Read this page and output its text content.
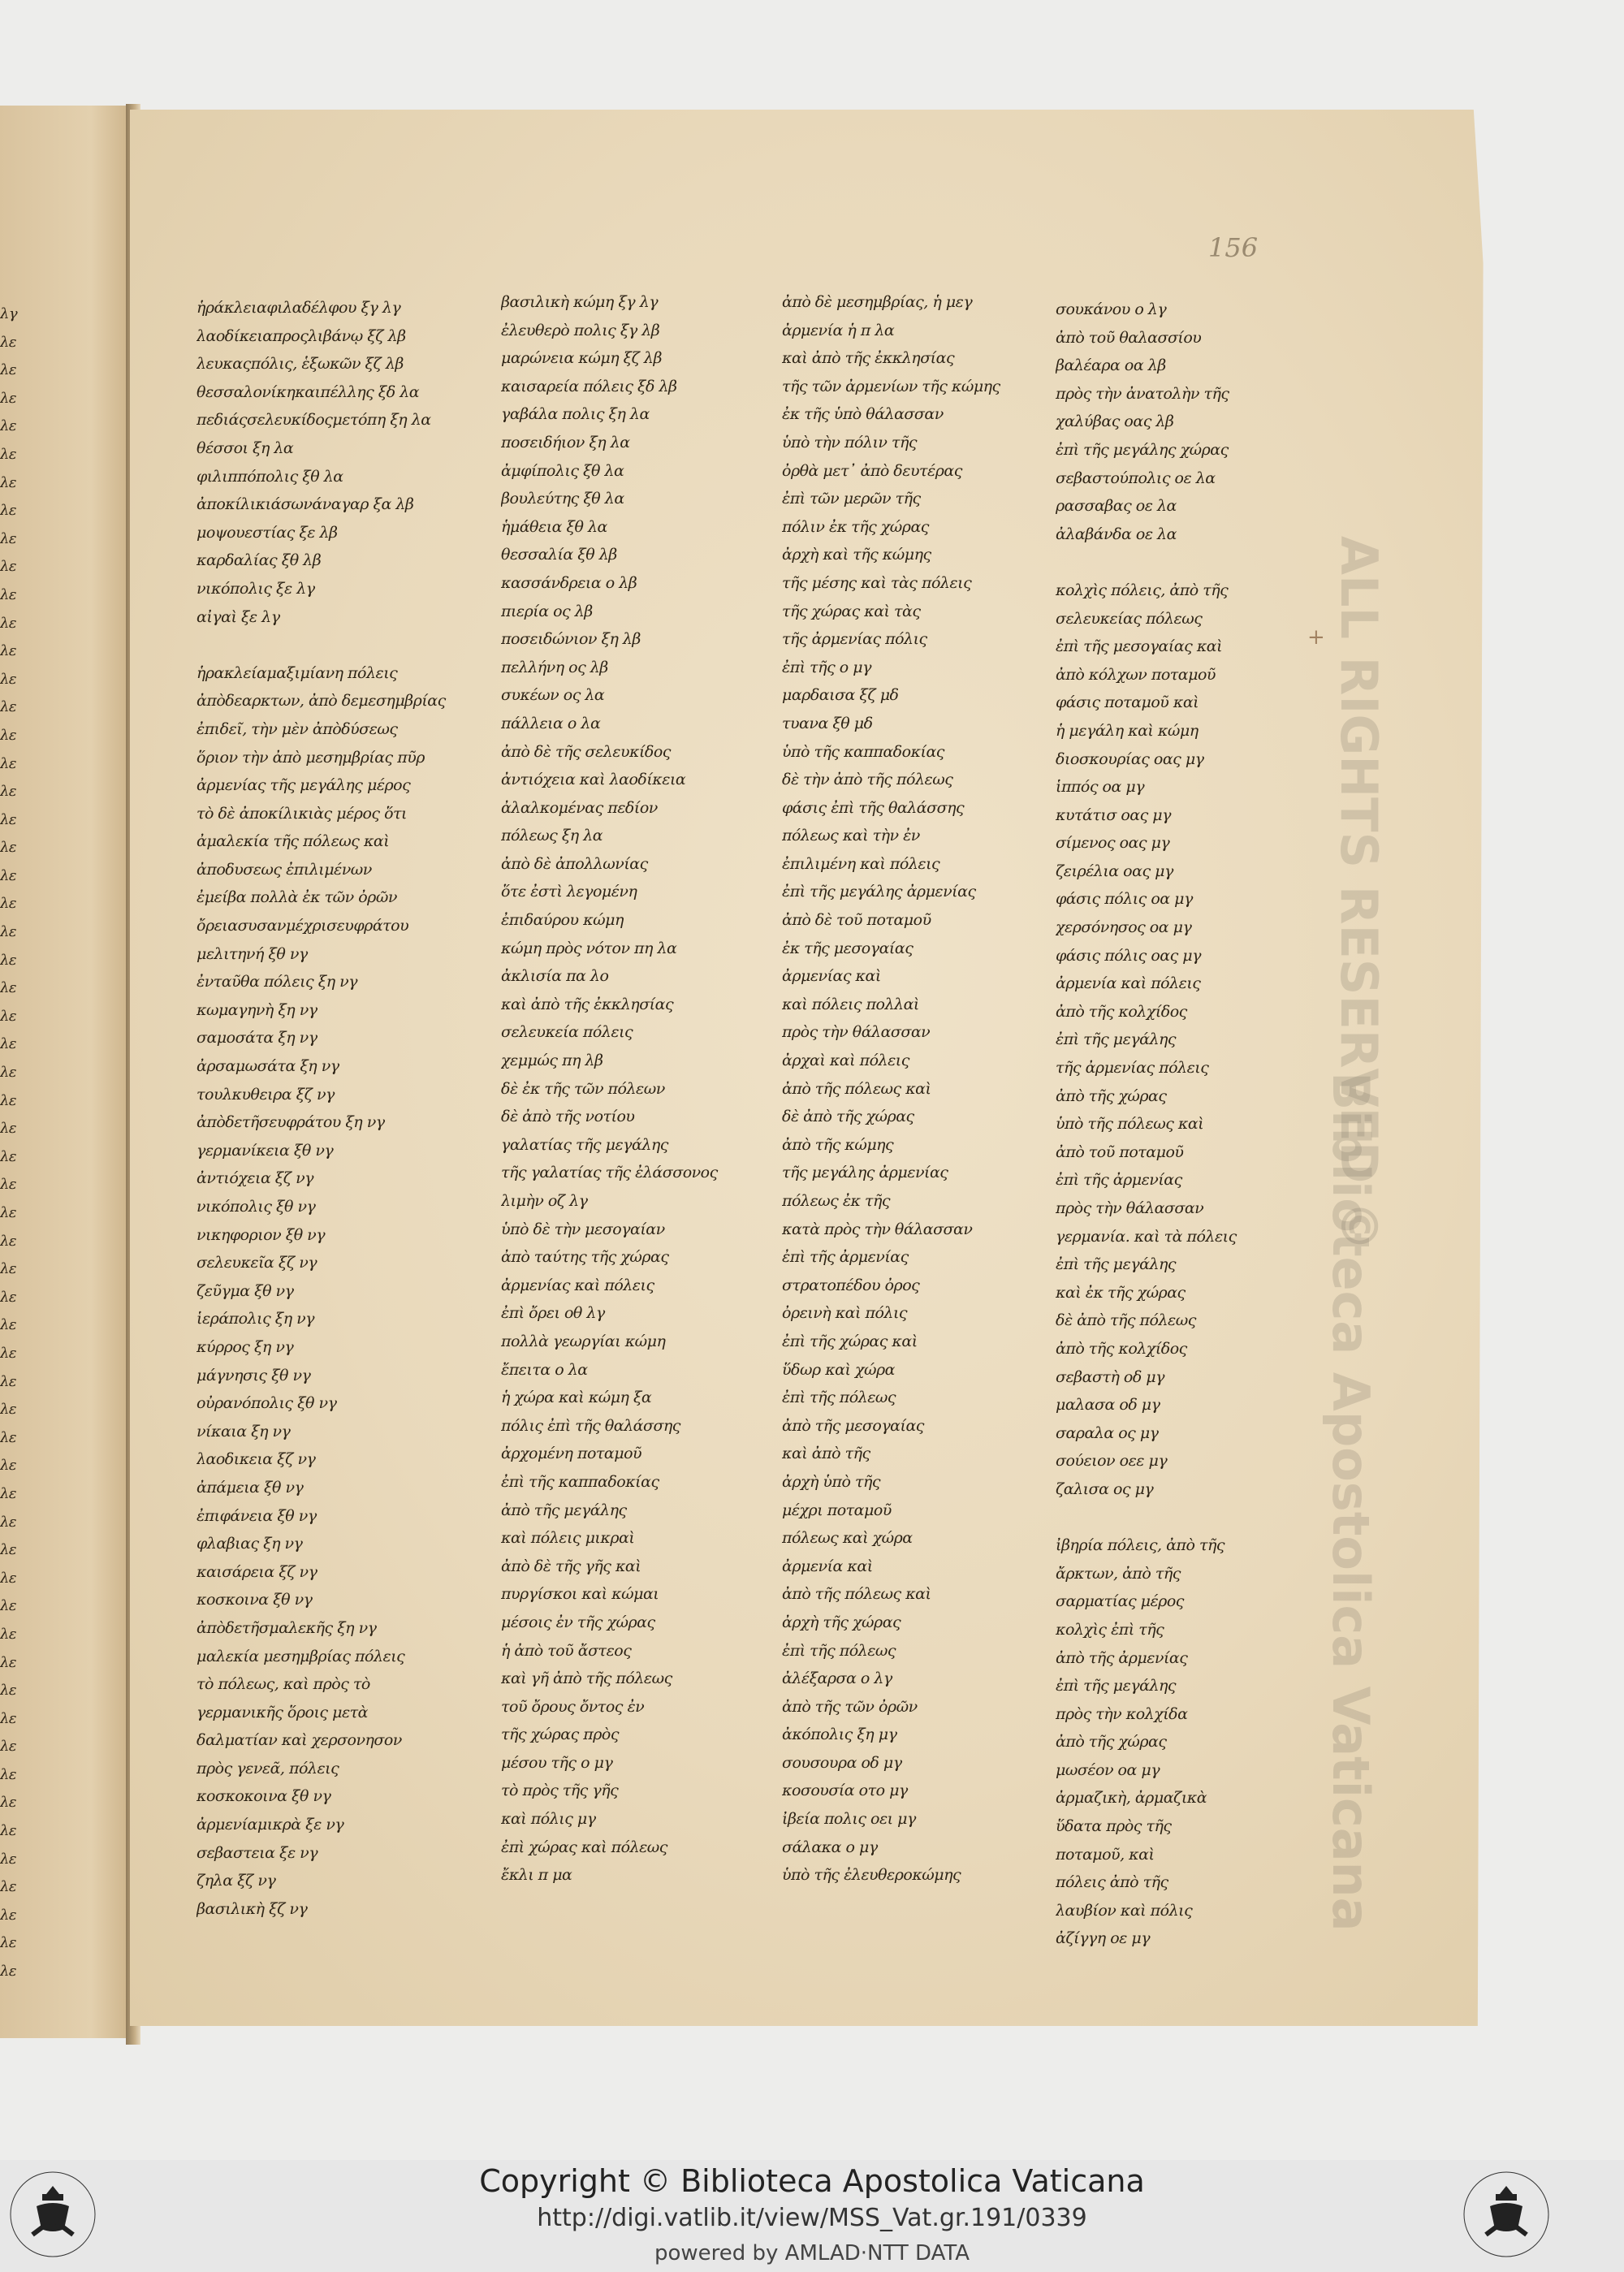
λγ
λε
λε
λε
λε
λε
λε
λε
λε
λε
λε
λε
λε
λε
λε
λε
λε
λε
λε
λε
λε
λε
λε
λε
λε
λε
λε
λε
λε
λε
λε
λε
λε
λε
λε
λε
λε
λε
λε
λε
λε
λε
λε
λε
λε
λε
λε
λε
λε
λε
λε
λε
λε
λε
λε
λε
λε
λε
λε
λε
156
+
ἡράκλειαφιλαδέλφου ξγ λγ
λαοδίκειαπροςλιβάνῳ ξζ λβ
λευκαςπόλις, ἑξωκῶν ξζ λβ
θεσσαλονίκηκαιπέλλης ξδ λα
πεδιάςσελευκίδοςμετόπη ξη λα
θέσσοι ξη λα
φιλιππόπολις ξθ λα
ἀποκίλικιάσωνάναγαρ ξα λβ
μοψουεστίας ξε λβ
καρδαλίας ξθ λβ
νικόπολις ξε λγ
αἰγαὶ ξε λγ
ἡρακλείαμαξιμίανη πόλεις
ἀπὸδεαρκτων, ἀπὸ δεμεσημβρίας
ἐπιδεῖ, τὴν μὲν ἀπὸδύσεως
ὅριον τὴν ἀπὸ μεσημβρίας πῦρ
ἀρμενίας τῆς μεγάλης μέρος
τὸ δὲ ἀποκίλικιὰς μέρος ὅτι
ἀμαλεκία τῆς πόλεως καὶ
ἀποδυσεως ἐπιλιμένων
ἐμείβα πολλὰ ἐκ τῶν ὀρῶν
ὄρειασυσανμέχρισευφράτου
μελιτηνή ξθ νγ
ἐνταῦθα πόλεις ξη νγ
κωμαγηνὴ ξη νγ
σαμοσάτα ξη νγ
ἀρσαμωσάτα ξη νγ
τουλκυθειρα ξζ νγ
ἀπὸδετῆσευφράτου ξη νγ
γερμανίκεια ξθ νγ
ἀντιόχεια ξζ νγ
νικόπολις ξθ νγ
νικηφοριον ξθ νγ
σελευκεῖα ξζ νγ
ζεῦγμα ξθ νγ
ἱεράπολις ξη νγ
κύρρος ξη νγ
μάγνησις ξθ νγ
οὐρανόπολις ξθ νγ
νίκαια ξη νγ
λαοδικεια ξζ νγ
ἀπάμεια ξθ νγ
ἐπιφάνεια ξθ νγ
φλαβιας ξη νγ
καισάρεια ξζ νγ
κοσκοινα ξθ νγ
ἀπὸδετῆσμαλεκῆς ξη νγ
μαλεκία μεσημβρίας πόλεις
τὸ πόλεως, καὶ πρὸς τὸ
γερμανικῆς ὅροις μετὰ
δαλματίαν καὶ χερσονησον
πρὸς γενεᾶ, πόλεις
κοσκοκοινα ξθ νγ
ἀρμενίαμικρὰ ξε νγ
σεβαστεια ξε νγ
ζηλα ξζ νγ
βασιλικὴ ξζ νγ
βασιλικὴ κώμη ξγ λγ
ἐλευθερὸ πολις ξγ λβ
μαρώνεια κώμη ξζ λβ
καισαρεία πόλεις ξδ λβ
γαβάλα πολις ξη λα
ποσειδήιον ξη λα
ἀμφίπολις ξθ λα
βουλεύτης ξθ λα
ἡμάθεια ξθ λα
θεσσαλία ξθ λβ
κασσάνδρεια ο λβ
πιερία ος λβ
ποσειδώνιον ξη λβ
πελλήνη ος λβ
συκέων ος λα
πάλλεια ο λα
ἀπὸ δὲ τῆς σελευκίδος
ἀντιόχεια καὶ λαοδίκεια
ἀλαλκομένας πεδίον
πόλεως ξη λα
ἀπὸ δὲ ἀπολλωνίας
ὅτε ἐστὶ λεγομένη
ἐπιδαύρου κώμη
κώμη πρὸς νότον πη λα
ἀκλισία πα λο
καὶ ἀπὸ τῆς ἐκκλησίας
σελευκεία πόλεις
χεμμώς πη λβ
δὲ ἐκ τῆς τῶν πόλεων
δὲ ἀπὸ τῆς νοτίου
γαλατίας τῆς μεγάλης
τῆς γαλατίας τῆς ἐλάσσονος
λιμὴν οζ λγ
ὑπὸ δὲ τὴν μεσογαίαν
ἀπὸ ταύτης τῆς χώρας
ἀρμενίας καὶ πόλεις
ἐπὶ ὄρει οθ λγ
πολλὰ γεωργίαι κώμη
ἔπειτα ο λα
ἡ χώρα καὶ κώμη ξα
πόλις ἐπὶ τῆς θαλάσσης
ἀρχομένη ποταμοῦ
ἐπὶ τῆς καππαδοκίας
ἀπὸ τῆς μεγάλης
καὶ πόλεις μικραὶ
ἀπὸ δὲ τῆς γῆς καὶ
πυργίσκοι καὶ κώμαι
μέσοις ἐν τῆς χώρας
ἡ ἀπὸ τοῦ ἄστεος
καὶ γῆ ἀπὸ τῆς πόλεως
τοῦ ὄρους ὄντος ἐν
τῆς χώρας πρὸς
μέσου τῆς ο μγ
τὸ πρὸς τῆς γῆς
καὶ πόλις μγ
ἐπὶ χώρας καὶ πόλεως
ἔκλι π μα
ἀπὸ δὲ μεσημβρίας, ἡ μεγ
ἀρμενία ἡ π λα
καὶ ἀπὸ τῆς ἐκκλησίας
τῆς τῶν ἀρμενίων τῆς κώμης
ἐκ τῆς ὑπὸ θάλασσαν
ὑπὸ τὴν πόλιν τῆς
ὀρθὰ μετ᾽ ἀπὸ δευτέρας
ἐπὶ τῶν μερῶν τῆς
πόλιν ἐκ τῆς χώρας
ἀρχὴ καὶ τῆς κώμης
τῆς μέσης καὶ τὰς πόλεις
τῆς χώρας καὶ τὰς
τῆς ἀρμενίας πόλις
ἐπὶ τῆς ο μγ
μαρδαισα ξζ μδ
τυανα ξθ μδ
ὑπὸ τῆς καππαδοκίας
δὲ τὴν ἀπὸ τῆς πόλεως
φάσις ἐπὶ τῆς θαλάσσης
πόλεως καὶ τὴν ἐν
ἐπιλιμένη καὶ πόλεις
ἐπὶ τῆς μεγάλης ἀρμενίας
ἀπὸ δὲ τοῦ ποταμοῦ
ἐκ τῆς μεσογαίας
ἀρμενίας καὶ
καὶ πόλεις πολλαὶ
πρὸς τὴν θάλασσαν
ἀρχαὶ καὶ πόλεις
ἀπὸ τῆς πόλεως καὶ
δὲ ἀπὸ τῆς χώρας
ἀπὸ τῆς κώμης
τῆς μεγάλης ἀρμενίας
πόλεως ἐκ τῆς
κατὰ πρὸς τὴν θάλασσαν
ἐπὶ τῆς ἀρμενίας
στρατοπέδου ὀρος
ὀρεινὴ καὶ πόλις
ἐπὶ τῆς χώρας καὶ
ὕδωρ καὶ χώρα
ἐπὶ τῆς πόλεως
ἀπὸ τῆς μεσογαίας
καὶ ἀπὸ τῆς
ἀρχὴ ὑπὸ τῆς
μέχρι ποταμοῦ
πόλεως καὶ χώρα
ἀρμενία καὶ
ἀπὸ τῆς πόλεως καὶ
ἀρχὴ τῆς χώρας
ἐπὶ τῆς πόλεως
ἀλέξαρσα ο λγ
ἀπὸ τῆς τῶν ὀρῶν
ἀκόπολις ξη μγ
σουσουρα οδ μγ
κοσουσία οτο μγ
ἰβεία πολις οει μγ
σάλακα ο μγ
ὑπὸ τῆς ἐλευθεροκώμης
σουκάνου ο λγ
ἀπὸ τοῦ θαλασσίου
βαλέαρα οα λβ
πρὸς τὴν ἀνατολὴν τῆς
χαλύβας οας λβ
ἐπὶ τῆς μεγάλης χώρας
σεβαστούπολις οε λα
ρασσαβας οε λα
ἀλαβάνδα οε λα
κολχὶς πόλεις, ἀπὸ τῆς
σελευκείας πόλεως
ἐπὶ τῆς μεσογαίας καὶ
ἀπὸ κόλχων ποταμοῦ
φάσις ποταμοῦ καὶ
ἡ μεγάλη καὶ κώμη
διοσκουρίας οας μγ
ἱππός οα μγ
κυτάτισ οας μγ
σίμενος οας μγ
ζειρέλια οας μγ
φάσις πόλις οα μγ
χερσόνησος οα μγ
φάσις πόλις οας μγ
ἀρμενία καὶ πόλεις
ἀπὸ τῆς κολχίδος
ἐπὶ τῆς μεγάλης
τῆς ἀρμενίας πόλεις
ἀπὸ τῆς χώρας
ὑπὸ τῆς πόλεως καὶ
ἀπὸ τοῦ ποταμοῦ
ἐπὶ τῆς ἀρμενίας
πρὸς τὴν θάλασσαν
γερμανία. καὶ τὰ πόλεις
ἐπὶ τῆς μεγάλης
καὶ ἐκ τῆς χώρας
δὲ ἀπὸ τῆς πόλεως
ἀπὸ τῆς κολχίδος
σεβαστὴ οδ μγ
μαλασα οδ μγ
σαραλα ος μγ
σούειον οεε μγ
ζαλισα ος μγ
ἰβηρία πόλεις, ἀπὸ τῆς
ἄρκτων, ἀπὸ τῆς
σαρματίας μέρος
κολχὶς ἐπὶ τῆς
ἀπὸ τῆς ἀρμενίας
ἐπὶ τῆς μεγάλης
πρὸς τὴν κολχίδα
ἀπὸ τῆς χώρας
μωσέον οα μγ
ἀρμαζικὴ, ἀρμαζικὰ
ὕδατα πρὸς τῆς
ποταμοῦ, καὶ
πόλεις ἀπὸ τῆς
λαυβίον καὶ πόλις
ἀζίγγη οε μγ
ALL RIGHTS RESERVED ©
Biblioteca Apostolica Vaticana
Copyright © Biblioteca Apostolica Vaticana
http://digi.vatlib.it/view/MSS_Vat.gr.191/0339
powered by AMLAD·NTT DATA
